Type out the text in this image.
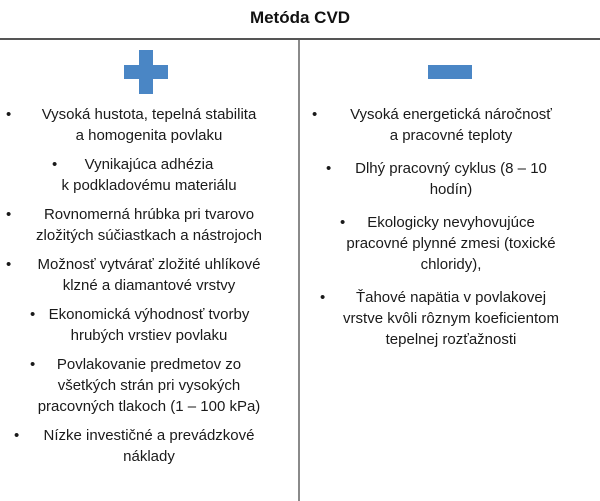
Metóda CVD
• Vysoká hustota, tepelná stabilita
a homogenita povlaku
• Vynikajúca adhézia
k podkladovému materiálu
• Rovnomerná hrúbka pri tvarovo
zložitých súčiastkach a nástrojoch
• Možnosť vytvárať zložité uhlíkové
klzné a diamantové vrstvy
• Ekonomická výhodnosť tvorby
hrubých vrstiev povlaku
• Povlakovanie predmetov zo
všetkých strán pri vysokých
pracovných tlakoch (1 – 100 kPa)
• Nízke investičné a prevádzkové
náklady
• Vysoká energetická náročnosť
a pracovné teploty
• Dlhý pracovný cyklus (8 – 10
hodín)
• Ekologicky nevyhovujúce
pracovné plynné zmesi (toxické
chloridy),
• Ťahové napätia v povlakovej
vrstve kvôli rôznym koeficientom
tepelnej rozťažnosti
